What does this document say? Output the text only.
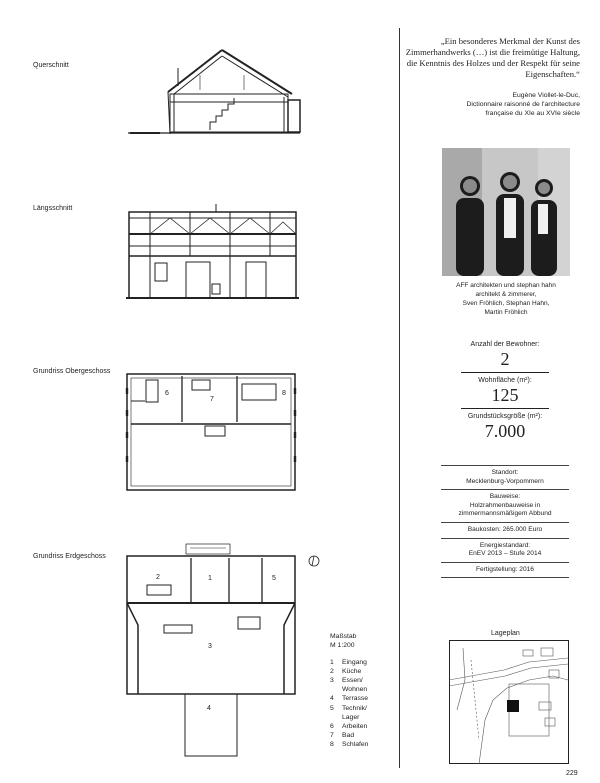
Querschnitt
Längsschnitt
Grundriss Obergeschoss
Grundriss Erdgeschoss
6
7
8
1
2
3
4
5
Maßstab
M 1:200
1	Eingang
2	Küche
3	Essen/
	Wohnen
4	Terrasse
5	Technik/
	Lager
6	Arbeiten
7	Bad
8	Schlafen
„Ein besonderes Merkmal der Kunst des Zimmerhandwerks (…) ist die freimütige Haltung, die Kenntnis des Holzes und der Respekt für seine Eigenschaften.“
Eugène Viollet-le-Duc,
Dictionnaire raisonné de l'architecture
française du XIe au XVIe siècle
AFF architekten und stephan hahn
architekt & zimmerer,
Sven Fröhlich, Stephan Hahn,
Martin Fröhlich
Anzahl der Bewohner:
2
Wohnfläche (m²):
125
Grundstücksgröße (m²):
7.000
Standort:
Mecklenburg-Vorpommern
Bauweise:
Holzrahmenbauweise in
zimmermannsmäßigem Abbund
Baukosten: 265.000 Euro
Energiestandard:
EnEV 2013 – Stufe 2014
Fertigstellung: 2016
Lageplan
229
